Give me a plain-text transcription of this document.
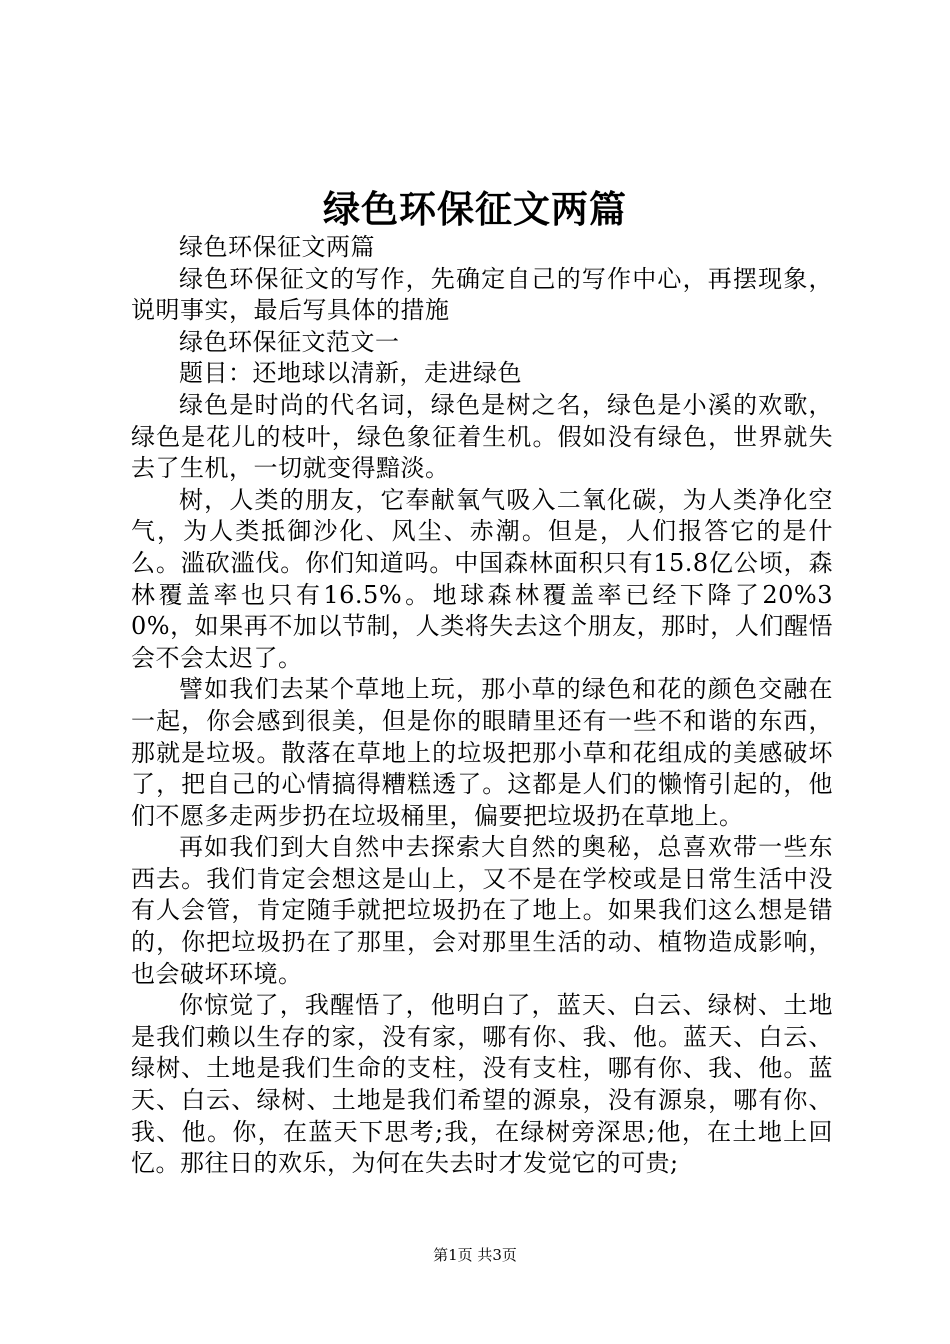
绿色环保征文两篇

绿色环保征文两篇

绿色环保征文的写作，先确定自己的写作中心，再摆现象，说明事实，最后写具体的措施

绿色环保征文范文一

题目：还地球以清新，走进绿色

绿色是时尚的代名词，绿色是树之名，绿色是小溪的欢歌，绿色是花儿的枝叶，绿色象征着生机。假如没有绿色，世界就失去了生机，一切就变得黯淡。

树，人类的朋友，它奉献氧气吸入二氧化碳，为人类净化空气，为人类抵御沙化、风尘、赤潮。但是，人们报答它的是什么。滥砍滥伐。你们知道吗。中国森林面积只有15.8亿公顷，森林覆盖率也只有16.5%。地球森林覆盖率已经下降了20%30%，如果再不加以节制，人类将失去这个朋友，那时，人们醒悟会不会太迟了。

譬如我们去某个草地上玩，那小草的绿色和花的颜色交融在一起，你会感到很美，但是你的眼睛里还有一些不和谐的东西，那就是垃圾。散落在草地上的垃圾把那小草和花组成的美感破坏了，把自己的心情搞得糟糕透了。这都是人们的懒惰引起的，他们不愿多走两步扔在垃圾桶里，偏要把垃圾扔在草地上。

再如我们到大自然中去探索大自然的奥秘，总喜欢带一些东西去。我们肯定会想这是山上，又不是在学校或是日常生活中没有人会管，肯定随手就把垃圾扔在了地上。如果我们这么想是错的，你把垃圾扔在了那里，会对那里生活的动、植物造成影响，也会破坏环境。

你惊觉了，我醒悟了，他明白了，蓝天、白云、绿树、土地是我们赖以生存的家，没有家，哪有你、我、他。蓝天、白云、绿树、土地是我们生命的支柱，没有支柱，哪有你、我、他。蓝天、白云、绿树、土地是我们希望的源泉，没有源泉，哪有你、我、他。你，在蓝天下思考;我，在绿树旁深思;他，在土地上回忆。那往日的欢乐，为何在失去时才发觉它的可贵;

第1页 共3页
